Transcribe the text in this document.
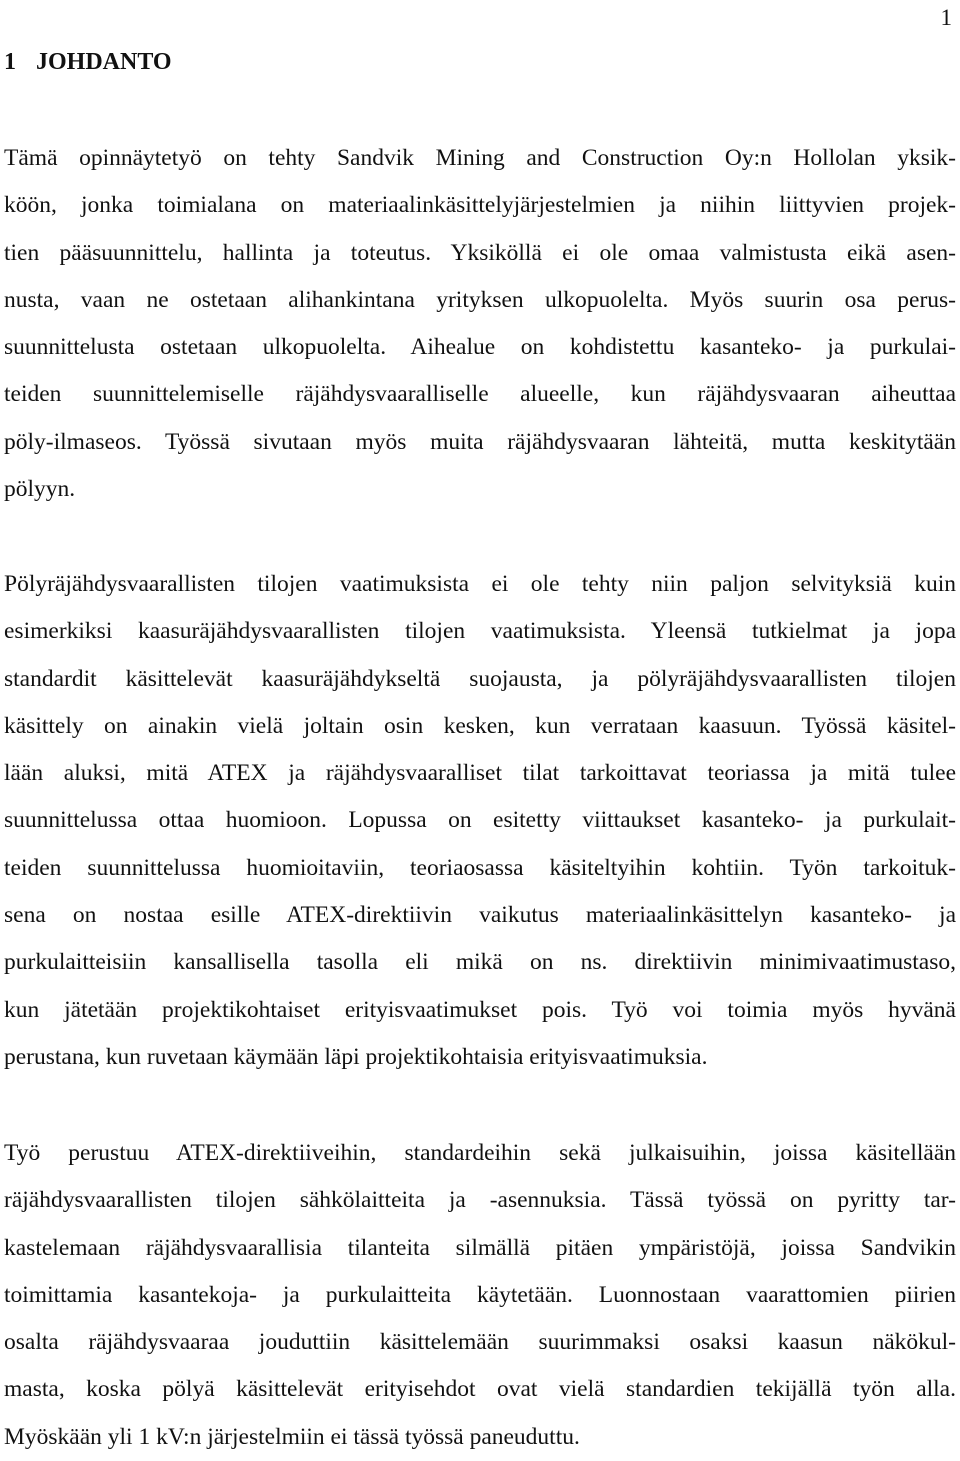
1
1 JOHDANTO
Tämä opinnäytetyö on tehty Sandvik Mining and Construction Oy:n Hollolan yksik-
köön, jonka toimialana on materiaalinkäsittelyjärjestelmien ja niihin liittyvien projek-
tien pääsuunnittelu, hallinta ja toteutus. Yksiköllä ei ole omaa valmistusta eikä asen-
nusta, vaan ne ostetaan alihankintana yrityksen ulkopuolelta. Myös suurin osa perus-
suunnittelusta ostetaan ulkopuolelta. Aihealue on kohdistettu kasanteko- ja purkulai-
teiden suunnittelemiselle räjähdysvaaralliselle alueelle, kun räjähdysvaaran aiheuttaa
pöly-ilmaseos. Työssä sivutaan myös muita räjähdysvaaran lähteitä, mutta keskitytään
pölyyn.
Pölyräjähdysvaarallisten tilojen vaatimuksista ei ole tehty niin paljon selvityksiä kuin
esimerkiksi kaasuräjähdysvaarallisten tilojen vaatimuksista. Yleensä tutkielmat ja jopa
standardit käsittelevät kaasuräjähdykseltä suojausta, ja pölyräjähdysvaarallisten tilojen
käsittely on ainakin vielä joltain osin kesken, kun verrataan kaasuun. Työssä käsitel-
lään aluksi, mitä ATEX ja räjähdysvaaralliset tilat tarkoittavat teoriassa ja mitä tulee
suunnittelussa ottaa huomioon. Lopussa on esitetty viittaukset kasanteko- ja purkulait-
teiden suunnittelussa huomioitaviin, teoriaosassa käsiteltyihin kohtiin. Työn tarkoituk-
sena on nostaa esille ATEX-direktiivin vaikutus materiaalinkäsittelyn kasanteko- ja
purkulaitteisiin kansallisella tasolla eli mikä on ns. direktiivin minimivaatimustaso,
kun jätetään projektikohtaiset erityisvaatimukset pois. Työ voi toimia myös hyvänä
perustana, kun ruvetaan käymään läpi projektikohtaisia erityisvaatimuksia.
Työ perustuu ATEX-direktiiveihin, standardeihin sekä julkaisuihin, joissa käsitellään
räjähdysvaarallisten tilojen sähkölaitteita ja -asennuksia. Tässä työssä on pyritty tar-
kastelemaan räjähdysvaarallisia tilanteita silmällä pitäen ympäristöjä, joissa Sandvikin
toimittamia kasantekoja- ja purkulaitteita käytetään. Luonnostaan vaarattomien piirien
osalta räjähdysvaaraa jouduttiin käsittelemään suurimmaksi osaksi kaasun näkökul-
masta, koska pölyä käsittelevät erityisehdot ovat vielä standardien tekijällä työn alla.
Myöskään yli 1 kV:n järjestelmiin ei tässä työssä paneuduttu.
